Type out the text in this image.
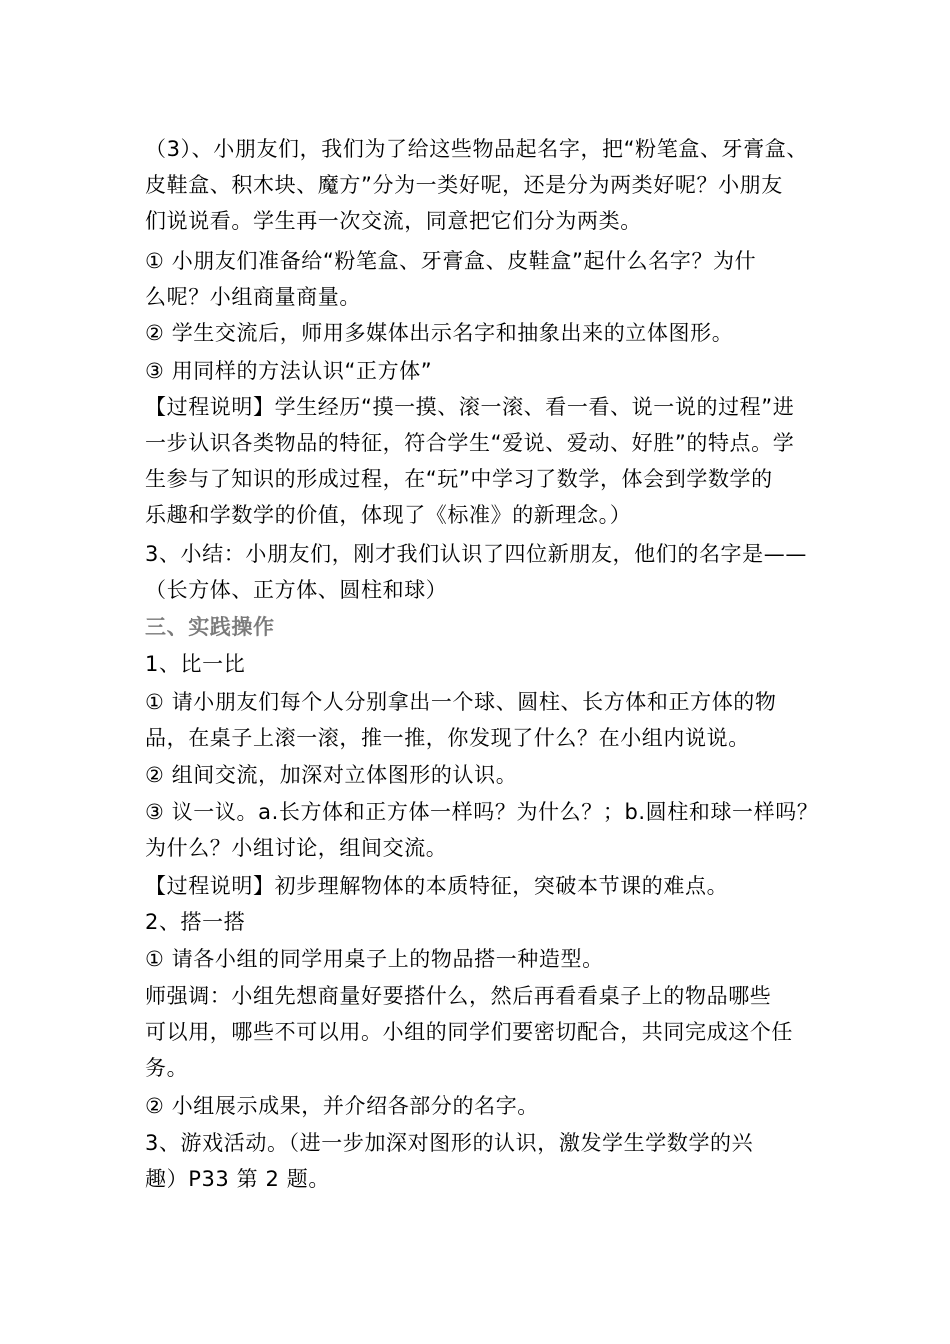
（3）、小朋友们，我们为了给这些物品起名字，把“粉笔盒、牙膏盒、
皮鞋盒、积木块、魔方”分为一类好呢，还是分为两类好呢？小朋友
们说说看。学生再一次交流，同意把它们分为两类。
① 小朋友们准备给“粉笔盒、牙膏盒、皮鞋盒”起什么名字？为什
么呢？小组商量商量。
② 学生交流后，师用多媒体出示名字和抽象出来的立体图形。
③ 用同样的方法认识“正方体”
【过程说明】学生经历“摸一摸、滚一滚、看一看、说一说的过程”进
一步认识各类物品的特征，符合学生“爱说、爱动、好胜”的特点。学
生参与了知识的形成过程，在“玩”中学习了数学，体会到学数学的
乐趣和学数学的价值，体现了《标准》的新理念。）
3、小结：小朋友们，刚才我们认识了四位新朋友，他们的名字是——
（长方体、正方体、圆柱和球）
三、实践操作
1、比一比
① 请小朋友们每个人分别拿出一个球、圆柱、长方体和正方体的物
品，在桌子上滚一滚，推一推，你发现了什么？在小组内说说。
② 组间交流，加深对立体图形的认识。
③ 议一议。a.长方体和正方体一样吗？为什么？；b.圆柱和球一样吗？
为什么？小组讨论，组间交流。
【过程说明】初步理解物体的本质特征，突破本节课的难点。
2、搭一搭
① 请各小组的同学用桌子上的物品搭一种造型。
师强调：小组先想商量好要搭什么，然后再看看桌子上的物品哪些
可以用，哪些不可以用。小组的同学们要密切配合，共同完成这个任
务。
② 小组展示成果，并介绍各部分的名字。
3、游戏活动。（进一步加深对图形的认识，激发学生学数学的兴
趣）P33 第 2 题。
